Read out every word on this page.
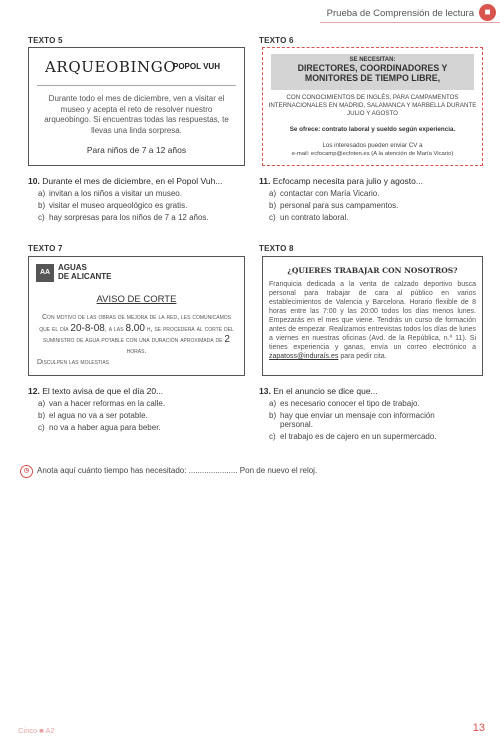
Prueba de Comprensión de lectura	■
TEXTO 5
ARQUEOBINGO
POPOL VUH
Durante todo el mes de diciembre, ven a visitar el museo y acepta el reto de resolver nuestro arqueobingo. Si encuentras todas las respuestas, te llevas una linda sorpresa.
Para niños de 7 a 12 años
TEXTO 6
SE NECESITAN:
DIRECTORES, COORDINADORES Y MONITORES DE TIEMPO LIBRE,
CON CONOCIMIENTOS DE INGLÉS, PARA CAMPAMENTOS INTERNACIONALES EN MADRID, SALAMANCA Y MARBELLA DURANTE JULIO Y AGOSTO
Se ofrece: contrato laboral y sueldo según experiencia.
Los interesados pueden enviar CV a
e-mail: ecfocamp@ecfoten.es (A la atención de María Vicario)
10. Durante el mes de diciembre, en el Popol Vuh...
a) invitan a los niños a visitar un museo.
b) visitar el museo arqueológico es gratis.
c) hay sorpresas para los niños de 7 a 12 años.
11. Ecfocamp necesita para julio y agosto...
a) contactar con María Vicario.
b) personal para sus campamentos.
c) un contrato laboral.
TEXTO 7
AA
AGUAS
DE ALICANTE
AVISO DE CORTE
Con motivo de las obras de mejora de la red, les comunicamos que el día 20-8-08, a las 8.00 h, se procederá al corte del suministro de agua potable con una duración aproximada de 2 horas.
Disculpen las molestias
TEXTO 8
¿QUIERES TRABAJAR CON NOSOTROS?
Franquicia dedicada a la venta de calzado deportivo busca personal para trabajar de cara al público en varios establecimientos de Valencia y Barcelona. Horario flexible de 8 horas entre las 7:00 y las 20:00 todos los días menos lunes. Empezarás en el mes que viene. Tendrás un curso de formación antes de empezar. Realizamos entrevistas todos los días de lunes a viernes en nuestras oficinas (Avd. de la República, n.º 11). Si tienes experiencia y ganas, envía un correo electrónico a zapatoss@induraís.es para pedir cita.
12. El texto avisa de que el día 20...
a) van a hacer reformas en la calle.
b) el agua no va a ser potable.
c) no va a haber agua para beber.
13. En el anuncio se dice que...
a) es necesario conocer el tipo de trabajo.
b) hay que enviar un mensaje con información personal.
c) el trabajo es de cajero en un supermercado.
◷ Anota aquí cuánto tiempo has necesitado: ...................... Pon de nuevo el reloj.
Cinco ■ A2	13
